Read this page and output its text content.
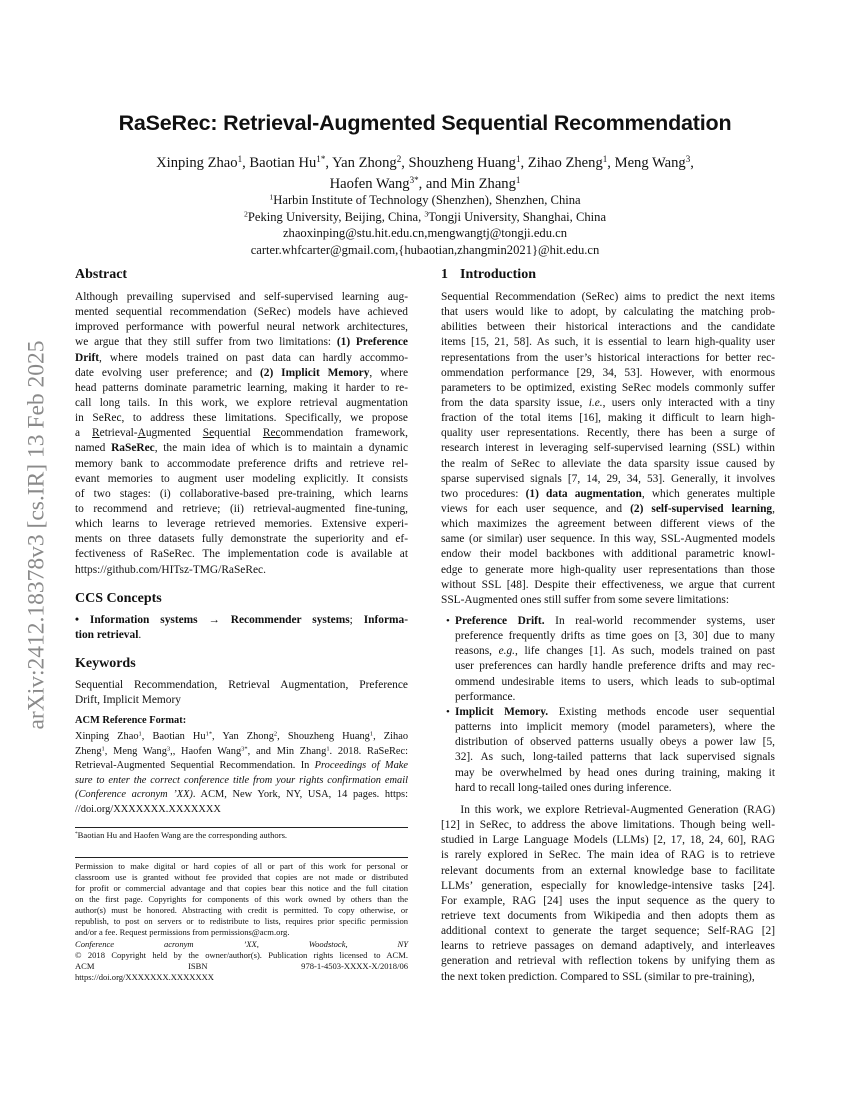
arXiv:2412.18378v3 [cs.IR] 13 Feb 2025
RaSeRec: Retrieval-Augmented Sequential Recommendation
Xinping Zhao$^1$, Baotian $Hu^{1*}$, Yan Zhong$^2$, Shouzheng Huang$^1$, Zihao Zheng$^1$, Meng Wang$^3$,
Haofen Wang$^{3*}$, and Min Zhang$^1$
$^1$Harbin Institute of Technology (Shenzhen), Shenzhen, China
$^2$Peking University, Beijing, China, $^3$Tongji University, Shanghai, China
zhaoxinping@stu.hit.edu.cn,mengwangtj@tongji.edu.cn
carter.whfcarter@gmail.com,{hubaotian,zhangmin2021}@hit.edu.cn
Abstract
Although prevailing supervised and self-supervised learning aug-
mented sequential recommendation (SeRec) models have achieved
improved performance with powerful neural network architectures,
we argue that they still suffer from two limitations: (1) Preference
Drift, where models trained on past data can hardly accommo-
date evolving user preference; and (2) Implicit Memory, where
head patterns dominate parametric learning, making it harder to re-
call long tails. In this work, we explore retrieval augmentation
in SeRec, to address these limitations. Specifically, we propose
a Retrieval-Augmented Sequential Recommendation framework,
named RaSeRec, the main idea of which is to maintain a dynamic
memory bank to accommodate preference drifts and retrieve rel-
evant memories to augment user modeling explicitly. It consists
of two stages: (i) collaborative-based pre-training, which learns
to recommend and retrieve; (ii) retrieval-augmented fine-tuning,
which learns to leverage retrieved memories. Extensive experi-
ments on three datasets fully demonstrate the superiority and ef-
fectiveness of RaSeRec. The implementation code is available at
https://github.com/HITsz-TMG/RaSeRec.
CCS Concepts
• Information systems → Recommender systems; Informa-
tion retrieval.
Keywords
Sequential Recommendation, Retrieval Augmentation, Preference
Drift, Implicit Memory
ACM Reference Format:
Xinping Zhao$^1$, Baotian $Hu^{1*}$, Yan Zhong$^2$, Shouzheng Huang$^1$, Zihao
Zheng$^1$, Meng Wang$^3$,, Haofen Wang$^{3*}$, and Min Zhang$^1$. 2018. RaSeRec:
Retrieval-Augmented Sequential Recommendation. In Proceedings of Make
sure to enter the correct conference title from your rights confirmation email
(Conference acronym ’XX). ACM, New York, NY, USA, 14 pages. https:
//doi.org/XXXXXXX.XXXXXXX
*Baotian Hu and Haofen Wang are the corresponding authors.
Permission to make digital or hard copies of all or part of this work for personal or
classroom use is granted without fee provided that copies are not made or distributed
for profit or commercial advantage and that copies bear this notice and the full citation
on the first page. Copyrights for components of this work owned by others than the
author(s) must be honored. Abstracting with credit is permitted. To copy otherwise, or
republish, to post on servers or to redistribute to lists, requires prior specific permission
and/or a fee. Request permissions from permissions@acm.org.
Conference acronym ’XX, Woodstock, NY
© 2018 Copyright held by the owner/author(s). Publication rights licensed to ACM.
ACM ISBN 978-1-4503-XXXX-X/2018/06
https://doi.org/XXXXXXX.XXXXXXX
1 Introduction
Sequential Recommendation (SeRec) aims to predict the next items
that users would like to adopt, by calculating the matching prob-
abilities between their historical interactions and the candidate
items [15, 21, 58]. As such, it is essential to learn high-quality user
representations from the user’s historical interactions for better rec-
ommendation performance [29, 34, 53]. However, with enormous
parameters to be optimized, existing SeRec models commonly suffer
from the data sparsity issue, i.e., users only interacted with a tiny
fraction of the total items [16], making it difficult to learn high-
quality user representations. Recently, there has been a surge of
research interest in leveraging self-supervised learning (SSL) within
the realm of SeRec to alleviate the data sparsity issue caused by
sparse supervised signals [7, 14, 29, 34, 53]. Generally, it involves
two procedures: (1) data augmentation, which generates multiple
views for each user sequence, and (2) self-supervised learning,
which maximizes the agreement between different views of the
same (or similar) user sequence. In this way, SSL-Augmented models
endow their model backbones with additional parametric knowl-
edge to generate more high-quality user representations than those
without SSL [48]. Despite their effectiveness, we argue that current
SSL-Augmented ones still suffer from some severe limitations:
• Preference Drift. In real-world recommender systems, user
preference frequently drifts as time goes on [3, 30] due to many
reasons, e.g., life changes [1]. As such, models trained on past
user preferences can hardly handle preference drifts and may rec-
ommend undesirable items to users, which leads to sub-optimal
performance.
• Implicit Memory. Existing methods encode user sequential
patterns into implicit memory (model parameters), where the
distribution of observed patterns usually obeys a power law [5,
32]. As such, long-tailed patterns that lack supervised signals
may be overwhelmed by head ones during training, making it
hard to recall long-tailed ones during inference.
In this work, we explore Retrieval-Augmented Generation (RAG)
[12] in SeRec, to address the above limitations. Though being well-
studied in Large Language Models (LLMs) [2, 17, 18, 24, 60], RAG
is rarely explored in SeRec. The main idea of RAG is to retrieve
relevant documents from an external knowledge base to facilitate
LLMs’ generation, especially for knowledge-intensive tasks [24].
For example, RAG [24] uses the input sequence as the query to
retrieve text documents from Wikipedia and then adopts them as
additional context to generate the target sequence; Self-RAG [2]
learns to retrieve passages on demand adaptively, and interleaves
generation and retrieval with reflection tokens by unifying them as
the next token prediction. Compared to SSL (similar to pre-training),
